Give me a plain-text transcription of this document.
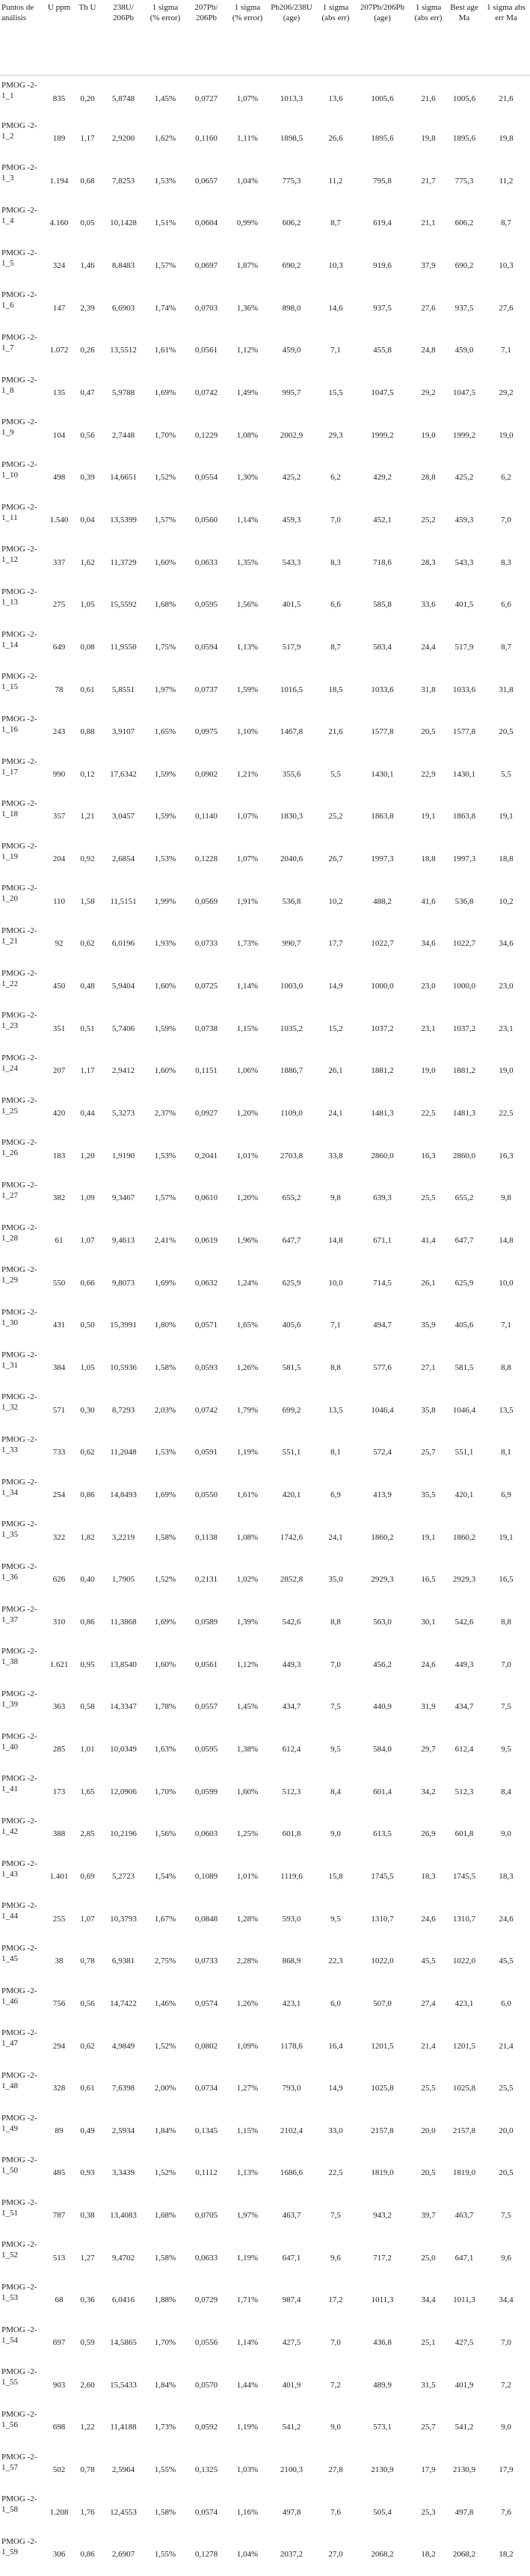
Puntos de análisis	U ppm	Th U	238U/ 206Pb	1 sigma (% error)	207Pb/ 206Pb	1 sigma (% error)	Pb206/238U (age)	1 sigma (abs err)	207Pb/206Pb (age)	1 sigma (abs err)	Best age Ma	1 sigma abs err Ma
PMOG -2-1_1	835	0,20	5,8748	1,45%	0,0727	1,07%	1013,3	13,6	1005,6	21,6	1005,6	21,6
PMOG -2-1_2	189	1,17	2,9200	1,62%	0,1160	1,11%	1898,5	26,6	1895,6	19,8	1895,6	19,8
PMOG -2-1_3	1.194	0,68	7,8253	1,53%	0,0657	1,04%	775,3	11,2	795,8	21,7	775,3	11,2
PMOG -2-1_4	4.160	0,05	10,1428	1,51%	0,0604	0,99%	606,2	8,7	619,4	21,1	606,2	8,7
PMOG -2-1_5	324	1,46	8,8483	1,57%	0,0697	1,87%	690,2	10,3	919,6	37,9	690,2	10,3
PMOG -2-1_6	147	2,39	6,6903	1,74%	0,0703	1,36%	898,0	14,6	937,5	27,6	937,5	27,6
PMOG -2-1_7	1.072	0,26	13,5512	1,61%	0,0561	1,12%	459,0	7,1	455,8	24,8	459,0	7,1
PMOG -2-1_8	135	0,47	5,9788	1,69%	0,0742	1,49%	995,7	15,5	1047,5	29,2	1047,5	29,2
PMOG -2-1_9	104	0,56	2,7448	1,70%	0,1229	1,08%	2002,9	29,3	1999,2	19,0	1999,2	19,0
PMOG -2-1_10	498	0,39	14,6651	1,52%	0,0554	1,30%	425,2	6,2	429,2	28,8	425,2	6,2
PMOG -2-1_11	1.540	0,04	13,5399	1,57%	0,0560	1,14%	459,3	7,0	452,1	25,2	459,3	7,0
PMOG -2-1_12	337	1,62	11,3729	1,60%	0,0633	1,35%	543,3	8,3	718,6	28,3	543,3	8,3
PMOG -2-1_13	275	1,05	15,5592	1,68%	0,0595	1,56%	401,5	6,6	585,8	33,6	401,5	6,6
PMOG -2-1_14	649	0,08	11,9550	1,75%	0,0594	1,13%	517,9	8,7	583,4	24,4	517,9	8,7
PMOG -2-1_15	78	0,61	5,8551	1,97%	0,0737	1,59%	1016,5	18,5	1033,6	31,8	1033,6	31,8
PMOG -2-1_16	243	0,88	3,9107	1,65%	0,0975	1,10%	1467,8	21,6	1577,8	20,5	1577,8	20,5
PMOG -2-1_17	990	0,12	17,6342	1,59%	0,0902	1,21%	355,6	5,5	1430,1	22,9	1430,1	5,5
PMOG -2-1_18	357	1,21	3,0457	1,59%	0,1140	1,07%	1830,3	25,2	1863,8	19,1	1863,8	19,1
PMOG -2-1_19	204	0,92	2,6854	1,53%	0,1228	1,07%	2040,6	26,7	1997,3	18,8	1997,3	18,8
PMOG -2-1_20	110	1,58	11,5151	1,99%	0,0569	1,91%	536,8	10,2	488,2	41,6	536,8	10,2
PMOG -2-1_21	92	0,62	6,0196	1,93%	0,0733	1,73%	990,7	17,7	1022,7	34,6	1022,7	34,6
PMOG -2-1_22	450	0,48	5,9404	1,60%	0,0725	1,14%	1003,0	14,9	1000,0	23,0	1000,0	23,0
PMOG -2-1_23	351	0,51	5,7406	1,59%	0,0738	1,15%	1035,2	15,2	1037,2	23,1	1037,2	23,1
PMOG -2-1_24	207	1,17	2,9412	1,60%	0,1151	1,06%	1886,7	26,1	1881,2	19,0	1881,2	19,0
PMOG -2-1_25	420	0,44	5,3273	2,37%	0,0927	1,20%	1109,0	24,1	1481,3	22,5	1481,3	22,5
PMOG -2-1_26	183	1,20	1,9190	1,53%	0,2041	1,01%	2703,8	33,8	2860,0	16,3	2860,0	16,3
PMOG -2-1_27	382	1,09	9,3467	1,57%	0,0610	1,20%	655,2	9,8	639,3	25,5	655,2	9,8
PMOG -2-1_28	61	1,07	9,4613	2,41%	0,0619	1,96%	647,7	14,8	671,1	41,4	647,7	14,8
PMOG -2-1_29	550	0,66	9,8073	1,69%	0,0632	1,24%	625,9	10,0	714,5	26,1	625,9	10,0
PMOG -2-1_30	431	0,50	15,3991	1,80%	0,0571	1,65%	405,6	7,1	494,7	35,9	405,6	7,1
PMOG -2-1_31	384	1,05	10,5936	1,58%	0,0593	1,26%	581,5	8,8	577,6	27,1	581,5	8,8
PMOG -2-1_32	571	0,30	8,7293	2,03%	0,0742	1,79%	699,2	13,5	1046,4	35,8	1046,4	13,5
PMOG -2-1_33	733	0,62	11,2048	1,53%	0,0591	1,19%	551,1	8,1	572,4	25,7	551,1	8,1
PMOG -2-1_34	254	0,86	14,8493	1,69%	0,0550	1,61%	420,1	6,9	413,9	35,5	420,1	6,9
PMOG -2-1_35	322	1,82	3,2219	1,58%	0,1138	1,08%	1742,6	24,1	1860,2	19,1	1860,2	19,1
PMOG -2-1_36	626	0,40	1,7905	1,52%	0,2131	1,02%	2852,8	35,0	2929,3	16,5	2929,3	16,5
PMOG -2-1_37	310	0,86	11,3868	1,69%	0,0589	1,39%	542,6	8,8	563,0	30,1	542,6	8,8
PMOG -2-1_38	1.621	0,95	13,8540	1,60%	0,0561	1,12%	449,3	7,0	456,2	24,6	449,3	7,0
PMOG -2-1_39	363	0,58	14,3347	1,78%	0,0557	1,45%	434,7	7,5	440,9	31,9	434,7	7,5
PMOG -2-1_40	285	1,01	10,0349	1,63%	0,0595	1,38%	612,4	9,5	584,0	29,7	612,4	9,5
PMOG -2-1_41	173	1,65	12,0906	1,70%	0,0599	1,60%	512,3	8,4	601,4	34,2	512,3	8,4
PMOG -2-1_42	388	2,85	10,2196	1,56%	0,0603	1,25%	601,8	9,0	613,5	26,9	601,8	9,0
PMOG -2-1_43	1.401	0,69	5,2723	1,54%	0,1089	1,01%	1119,6	15,8	1745,5	18,3	1745,5	18,3
PMOG -2-1_44	255	1,07	10,3793	1,67%	0,0848	1,28%	593,0	9,5	1310,7	24,6	1310,7	24,6
PMOG -2-1_45	38	0,78	6,9381	2,75%	0,0733	2,28%	868,9	22,3	1022,0	45,5	1022,0	45,5
PMOG -2-1_46	756	0,56	14,7422	1,46%	0,0574	1,26%	423,1	6,0	507,0	27,4	423,1	6,0
PMOG -2-1_47	294	0,62	4,9849	1,52%	0,0802	1,09%	1178,6	16,4	1201,5	21,4	1201,5	21,4
PMOG -2-1_48	328	0,61	7,6398	2,00%	0,0734	1,27%	793,0	14,9	1025,8	25,5	1025,8	25,5
PMOG -2-1_49	89	0,49	2,5934	1,84%	0,1345	1,15%	2102,4	33,0	2157,8	20,0	2157,8	20,0
PMOG -2-1_50	485	0,93	3,3439	1,52%	0,1112	1,13%	1686,6	22,5	1819,0	20,5	1819,0	20,5
PMOG -2-1_51	787	0,38	13,4083	1,68%	0,0705	1,97%	463,7	7,5	943,2	39,7	463,7	7,5
PMOG -2-1_52	513	1,27	9,4702	1,58%	0,0633	1,19%	647,1	9,6	717,2	25,0	647,1	9,6
PMOG -2-1_53	68	0,36	6,0416	1,88%	0,0729	1,71%	987,4	17,2	1011,3	34,4	1011,3	34,4
PMOG -2-1_54	697	0,59	14,5865	1,70%	0,0556	1,14%	427,5	7,0	436,8	25,1	427,5	7,0
PMOG -2-1_55	903	2,60	15,5433	1,84%	0,0570	1,44%	401,9	7,2	489,9	31,5	401,9	7,2
PMOG -2-1_56	698	1,22	11,4188	1,73%	0,0592	1,19%	541,2	9,0	573,1	25,7	541,2	9,0
PMOG -2-1_57	502	0,78	2,5964	1,55%	0,1325	1,03%	2100,3	27,8	2130,9	17,9	2130,9	17,9
PMOG -2-1_58	1.208	1,76	12,4553	1,58%	0,0574	1,16%	497,8	7,6	505,4	25,3	497,8	7,6
PMOG -2-1_59	306	0,86	2,6907	1,55%	0,1278	1,04%	2037,2	27,0	2068,2	18,2	2068,2	18,2
